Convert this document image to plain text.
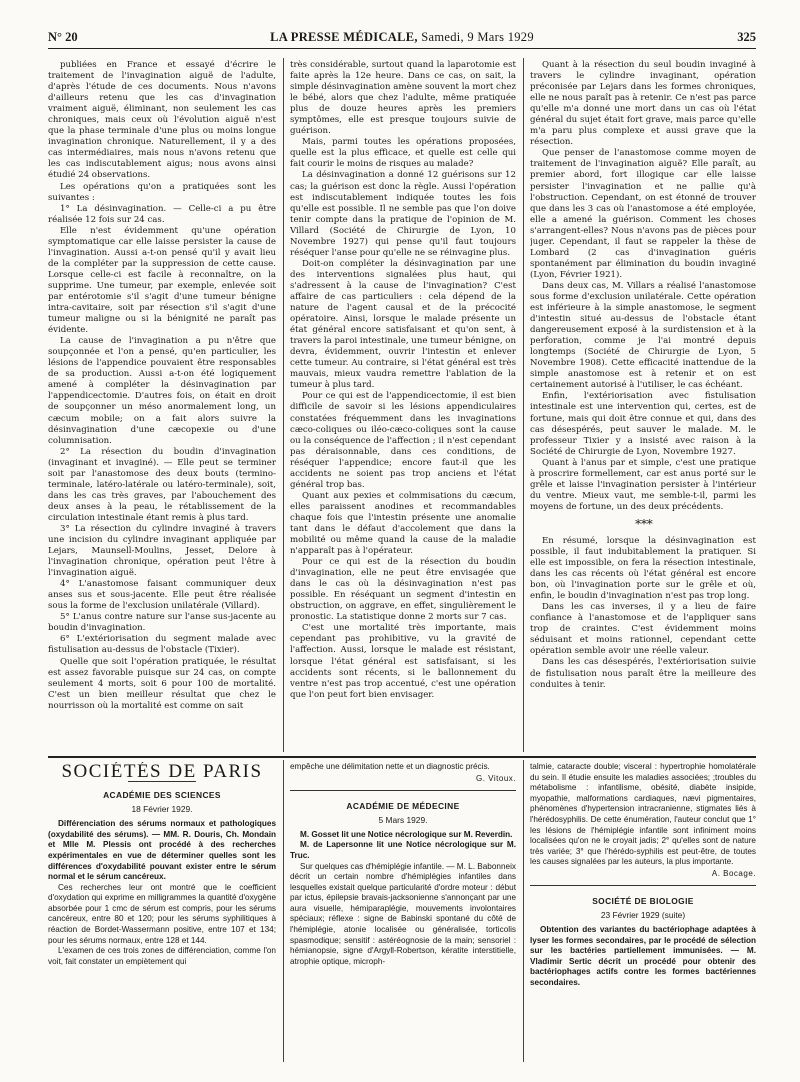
N° 20	LA PRESSE MÉDICALE, Samedi, 9 Mars 1929	325

publiées en France et essayé d'écrire le traitement de l'invagination aiguë de l'adulte, d'après l'étude de ces documents. Nous n'avons d'ailleurs retenu que les cas d'invagination vraiment aiguë, éliminant, non seulement les cas chroniques, mais ceux où l'évolution aiguë n'est que la phase terminale d'une plus ou moins longue invagination chronique. Naturellement, il y a des cas intermédiaires, mais nous n'avons retenu que les cas indiscutablement aigus; nous avons ainsi étudié 24 observations.

Les opérations qu'on a pratiquées sont les suivantes :

1° La désinvagination. — Celle-ci a pu être réalisée 12 fois sur 24 cas.

Elle n'est évidemment qu'une opération symptomatique car elle laisse persister la cause de l'invagination. Aussi a-t-on pensé qu'il y avait lieu de la compléter par la suppression de cette cause. Lorsque celle-ci est facile à reconnaître, on la supprime. Une tumeur, par exemple, enlevée soit par entérotomie s'il s'agit d'une tumeur bénigne intra-cavitaire, soit par résection s'il s'agit d'une tumeur maligne ou si la bénignité ne paraît pas évidente.

La cause de l'invagination a pu n'être que soupçonnée et l'on a pensé, qu'en particulier, les lésions de l'appendice pouvaient être responsables de sa production. Aussi a-t-on été logiquement amené à compléter la désinvagination par l'appendicectomie. D'autres fois, on était en droit de soupçonner un méso anormalement long, un cæcum mobile; on a fait alors suivre la désinvagination d'une cæcopexie ou d'une columnisation.

2° La résection du boudin d'invagination (invaginant et invaginé). — Elle peut se terminer soit par l'anastomose des deux bouts (termino-terminale, latéro-latérale ou latéro-terminale), soit, dans les cas très graves, par l'abouchement des deux anses à la peau, le rétablissement de la circulation intestinale étant remis à plus tard.

3° La résection du cylindre invaginé à travers une incision du cylindre invaginant appliquée par Lejars, Maunsell-Moulins, Jesset, Delore à l'invagination chronique, opération peut l'être à l'invagination aiguë.

4° L'anastomose faisant communiquer deux anses sus et sous-jacente. Elle peut être réalisée sous la forme de l'exclusion unilatérale (Villard).

5° L'anus contre nature sur l'anse sus-jacente au boudin d'invagination.

6° L'extériorisation du segment malade avec fistulisation au-dessus de l'obstacle (Tixier).

Quelle que soit l'opération pratiquée, le résultat est assez favorable puisque sur 24 cas, on compte seulement 4 morts, soit 6 pour 100 de mortalité. C'est un bien meilleur résultat que chez le nourrisson où la mortalité est comme on sait

très considérable, surtout quand la laparotomie est faite après la 12e heure. Dans ce cas, on sait, la simple désinvagination amène souvent la mort chez le bébé, alors que chez l'adulte, même pratiquée plus de douze heures après les premiers symptômes, elle est presque toujours suivie de guérison.

Mais, parmi toutes les opérations proposées, quelle est la plus efficace, et quelle est celle qui fait courir le moins de risques au malade?

La désinvagination a donné 12 guérisons sur 12 cas; la guérison est donc la règle. Aussi l'opération est indiscutablement indiquée toutes les fois qu'elle est possible. Il ne semble pas que l'on doive tenir compte dans la pratique de l'opinion de M. Villard (Société de Chirurgie de Lyon, 10 Novembre 1927) qui pense qu'il faut toujours réséquer l'anse pour qu'elle ne se réinvagine plus.

Doit-on compléter la désinvagination par une des interventions signalées plus haut, qui s'adressent à la cause de l'invagination? C'est affaire de cas particuliers : cela dépend de la nature de l'agent causal et de la précocité opératoire. Ainsi, lorsque le malade présente un état général encore satisfaisant et qu'on sent, à travers la paroi intestinale, une tumeur bénigne, on devra, évidemment, ouvrir l'intestin et enlever cette tumeur. Au contraire, si l'état général est très mauvais, mieux vaudra remettre l'ablation de la tumeur à plus tard.

Pour ce qui est de l'appendicectomie, il est bien difficile de savoir si les lésions appendiculaires constatées fréquemment dans les invaginations cæco-coliques ou iléo-cæco-coliques sont la cause ou la conséquence de l'affection ; il n'est cependant pas déraisonnable, dans ces conditions, de réséquer l'appendice; encore faut-il que les accidents ne soient pas trop anciens et l'état général trop bas.

Quant aux pexies et colmmisations du cæcum, elles paraissent anodines et recommandables chaque fois que l'intestin présente une anomalie tant dans le défaut d'accolement que dans la mobilité ou même quand la cause de la maladie n'apparaît pas à l'opérateur.

Pour ce qui est de la résection du boudin d'invagination, elle ne peut être envisagée que dans le cas où la désinvagination n'est pas possible. En réséquant un segment d'intestin en obstruction, on aggrave, en effet, singulièrement le pronostic. La statistique donne 2 morts sur 7 cas.

C'est une mortalité très importante, mais cependant pas prohibitive, vu la gravité de l'affection. Aussi, lorsque le malade est résistant, lorsque l'état général est satisfaisant, si les accidents sont récents, si le ballonnement du ventre n'est pas trop accentué, c'est une opération que l'on peut fort bien envisager.

Quant à la résection du seul boudin invaginé à travers le cylindre invaginant, opération préconisée par Lejars dans les formes chroniques, elle ne nous paraît pas à retenir. Ce n'est pas parce qu'elle m'a donné une mort dans un cas où l'état général du sujet était fort grave, mais parce qu'elle m'a paru plus complexe et aussi grave que la résection.

Que penser de l'anastomose comme moyen de traitement de l'invagination aiguë? Elle paraît, au premier abord, fort illogique car elle laisse persister l'invagination et ne pallie qu'à l'obstruction. Cependant, on est étonné de trouver que dans les 3 cas où l'anastomose a été employée, elle a amené la guérison. Comment les choses s'arrangent-elles? Nous n'avons pas de pièces pour juger. Cependant, il faut se rappeler la thèse de Lombard (2 cas d'invagination guéris spontanément par élimination du boudin invaginé (Lyon, Février 1921).

Dans deux cas, M. Villars a réalisé l'anastomose sous forme d'exclusion unilatérale. Cette opération est inférieure à la simple anastomose, le segment d'intestin situé au-dessus de l'obstacle étant dangereusement exposé à la surdistension et à la perforation, comme je l'ai montré depuis longtemps (Société de Chirurgie de Lyon, 5 Novembre 1908). Cette efficacité inattendue de la simple anastomose est à retenir et on est certainement autorisé à l'utiliser, le cas échéant.

Enfin, l'extériorisation avec fistulisation intestinale est une intervention qui, certes, est de fortune, mais qui doit être connue et qui, dans des cas désespérés, peut sauver le malade. M. le professeur Tixier y a insisté avec raison à la Société de Chirurgie de Lyon, Novembre 1927.

Quant à l'anus par et simple, c'est une pratique à proscrire formellement, car est anus porté sur le grêle et laisse l'invagination persister à l'intérieur du ventre. Mieux vaut, me semble-t-il, parmi les moyens de fortune, un des deux précédents.

* * *

En résumé, lorsque la désinvagination est possible, il faut indubitablement la pratiquer. Si elle est impossible, on fera la résection intestinale, dans les cas récents où l'état général est encore bon, où l'invagination porte sur le grêle et où, enfin, le boudin d'invagination n'est pas trop long.

Dans les cas inverses, il y a lieu de faire confiance à l'anastomose et de l'appliquer sans trop de craintes. C'est évidemment moins séduisant et moins rationnel, cependant cette opération semble avoir une réelle valeur.

Dans les cas désespérés, l'extériorisation suivie de fistulisation nous paraît être la meilleure des conduites à tenir.

SOCIÉTÉS DE PARIS
ACADÉMIE DES SCIENCES
18 Février 1929.

Différenciation des sérums normaux et pathologiques (oxydabilité des sérums). — MM. R. Douris, Ch. Mondain et Mlle M. Plessis ont procédé à des recherches expérimentales en vue de déterminer quelles sont les différences d'oxydabilité pouvant exister entre le sérum normal et le sérum cancéreux.

Ces recherches leur ont montré que le coefficient d'oxydation qui exprime en milligrammes la quantité d'oxygène absorbée pour 1 cmc de sérum est compris, pour les sérums cancéreux, entre 80 et 120; pour les sérums syphilitiques à réaction de Bordet-Wassermann positive, entre 107 et 134; pour les sérums normaux, entre 128 et 144.

L'examen de ces trois zones de différenciation, comme l'on voit, fait constater un empiètement qui

empêche une délimitation nette et un diagnostic précis.

G. Vitoux.
ACADÉMIE DE MÉDECINE
5 Mars 1929.

M. Gosset lit une Notice nécrologique sur M. Reverdin.

M. de Lapersonne lit une Notice nécrologique sur M. Truc.

Sur quelques cas d'hémiplégie infantile. — M. L. Babonneix décrit un certain nombre d'hémiplégies infantiles dans lesquelles existait quelque particularité d'ordre moteur : début par ictus, épilepsie bravais-jacksonienne s'annonçant par une aura visuelle, hémiparaplégie, mouvements involontaires spéciaux; réflexe : signe de Babinski spontané du côté de l'hémiplégie, atonie localisée ou généralisée, torticolis spasmodique; sensitif : astéréognosie de la main; sensoriel : hémianopsie, signe d'Argyll-Robertson, kératite interstitielle, atrophie optique, microph-

talmie, cataracte double; visceral : hypertrophie homolatérale du sein. Il étudie ensuite les maladies associées; ;troubles du métabolisme : infantilisme, obésité, diabète insipide, myopathie, malformations cardiaques, nævi pigmentaires, phénomènes d'hypertension intracranienne, stigmates liés à l'hérédosyphilis. De cette énumération, l'auteur conclut que 1° les lésions de l'hémiplégie infantile sont infiniment moins localisées qu'on ne le croyait jadis; 2° qu'elles sont de nature très variée; 3° que l'hérédo-syphilis est peut-être, de toutes les causes signalées par les auteurs, la plus importante.

A. Bocage.
SOCIÉTÉ DE BIOLOGIE
23 Février 1929 (suite)

Obtention des variantes du bactériophage adaptées à lyser les formes secondaires, par le procédé de sélection sur les bactéries partiellement immunisées. — M. Vladimir Sertic décrit un procédé pour obtenir des bactériophages actifs contre les formes bactériennes secondaires.
